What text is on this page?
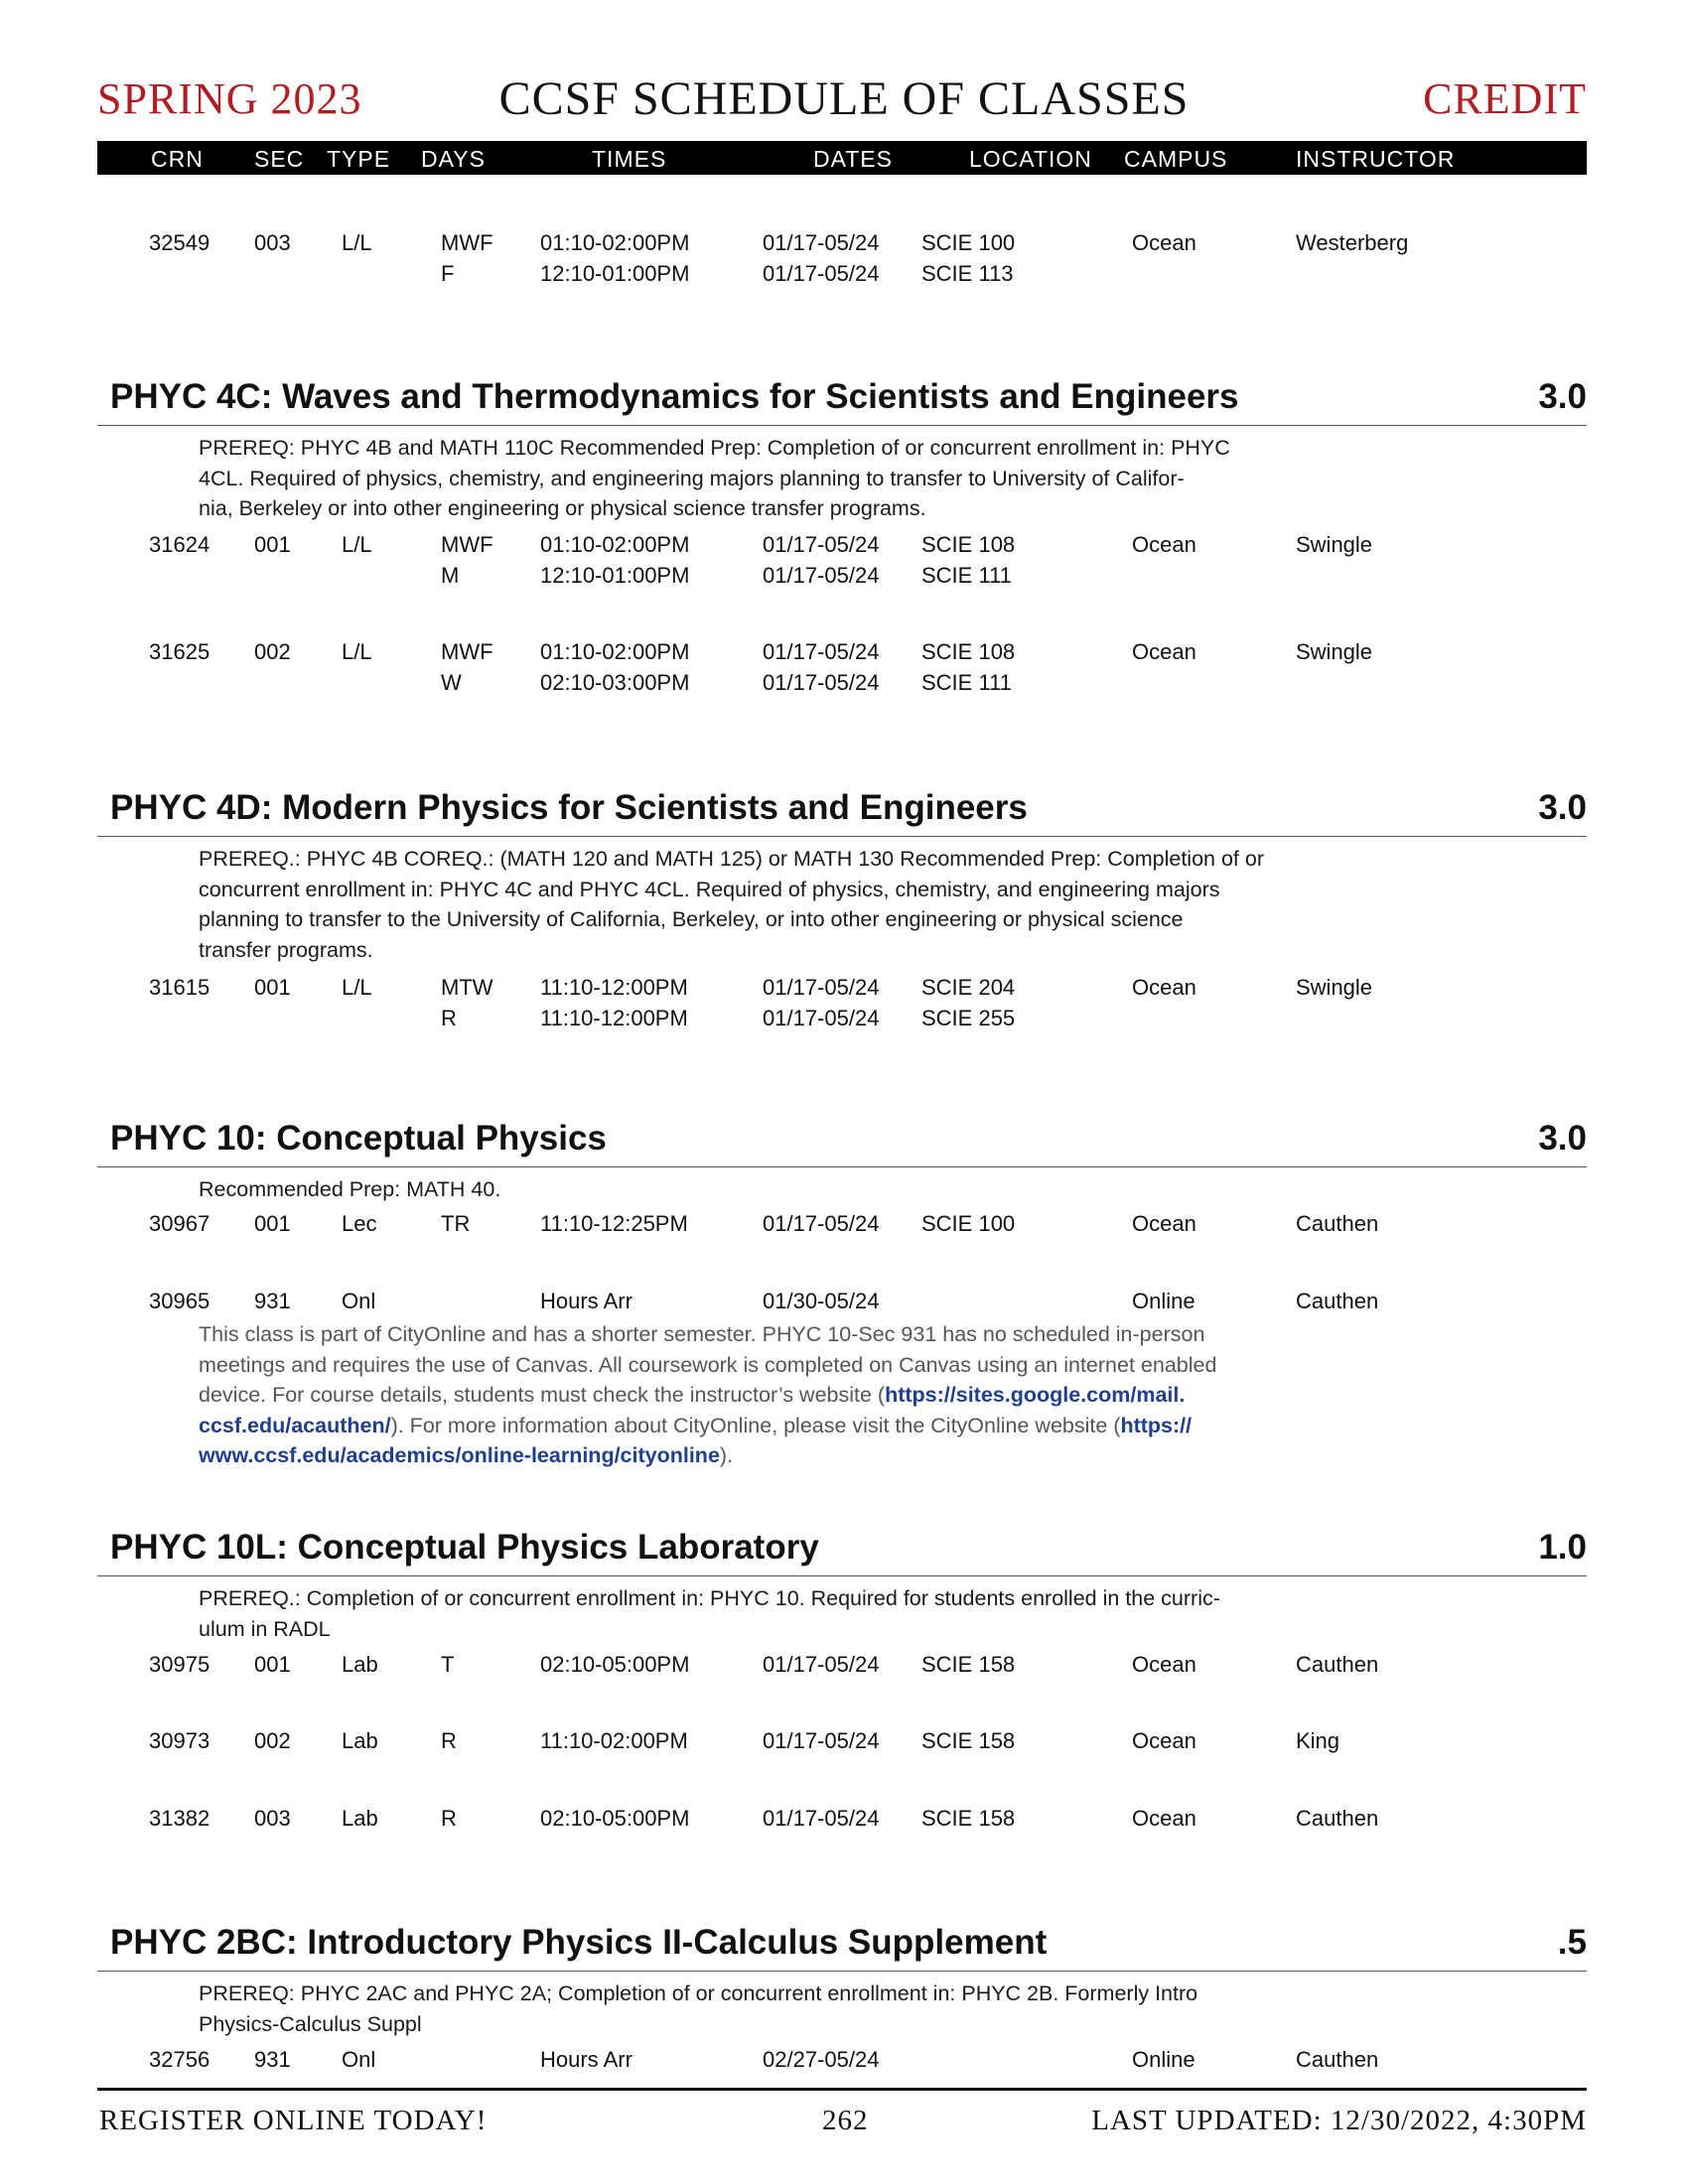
SPRING 2023	CCSF SCHEDULE OF CLASSES	CREDIT
CRN SEC TYPE DAYS	TIMES	DATES	LOCATION CAMPUS	INSTRUCTOR
32549 003 L/L	MWF 01:10-02:00PM	01/17-05/24 SCIE 100	Ocean	Westerberg
F	12:10-01:00PM	01/17-05/24 SCIE 113
PHYC 4C: Waves and Thermodynamics for Scientists and Engineers	3.0
PREREQ: PHYC 4B and MATH 110C Recommended Prep: Completion of or concurrent enrollment in: PHYC
4CL. Required of physics, chemistry, and engineering majors planning to transfer to University of Califor-
nia, Berkeley or into other engineering or physical science transfer programs.
31624 001 L/L	MWF 01:10-02:00PM	01/17-05/24 SCIE 108	Ocean	Swingle
M	12:10-01:00PM	01/17-05/24 SCIE 111
31625 002 L/L	MWF 01:10-02:00PM	01/17-05/24 SCIE 108	Ocean	Swingle
W	02:10-03:00PM	01/17-05/24 SCIE 111
PHYC 4D: Modern Physics for Scientists and Engineers	3.0
PREREQ.: PHYC 4B COREQ.: (MATH 120 and MATH 125) or MATH 130 Recommended Prep: Completion of or
concurrent enrollment in: PHYC 4C and PHYC 4CL. Required of physics, chemistry, and engineering majors
planning to transfer to the University of California, Berkeley, or into other engineering or physical science
transfer programs.
31615 001 L/L	MTW 11:10-12:00PM	01/17-05/24 SCIE 204	Ocean	Swingle
R	11:10-12:00PM	01/17-05/24 SCIE 255
PHYC 10: Conceptual Physics	3.0
Recommended Prep: MATH 40.
30967 001 Lec	TR	11:10-12:25PM	01/17-05/24 SCIE 100	Ocean	Cauthen
30965 931 Onl	Hours Arr	01/30-05/24	Online	Cauthen
This class is part of CityOnline and has a shorter semester. PHYC 10-Sec 931 has no scheduled in-person
meetings and requires the use of Canvas. All coursework is completed on Canvas using an internet enabled
device. For course details, students must check the instructor’s website (https://sites.google.com/mail.
ccsf.edu/acauthen/). For more information about CityOnline, please visit the CityOnline website (https://
www.ccsf.edu/academics/online-learning/cityonline).
PHYC 10L: Conceptual Physics Laboratory	1.0
PREREQ.: Completion of or concurrent enrollment in: PHYC 10. Required for students enrolled in the curric-
ulum in RADL
30975 001 Lab	T	02:10-05:00PM	01/17-05/24 SCIE 158	Ocean	Cauthen
30973 002 Lab	R	11:10-02:00PM	01/17-05/24 SCIE 158	Ocean	King
31382 003 Lab	R	02:10-05:00PM	01/17-05/24 SCIE 158	Ocean	Cauthen
PHYC 2BC: Introductory Physics II-Calculus Supplement	.5
PREREQ: PHYC 2AC and PHYC 2A; Completion of or concurrent enrollment in: PHYC 2B. Formerly Intro
Physics-Calculus Suppl
32756 931 Onl	Hours Arr	02/27-05/24	Online	Cauthen
REGISTER ONLINE TODAY!	262	LAST UPDATED: 12/30/2022, 4:30PM
